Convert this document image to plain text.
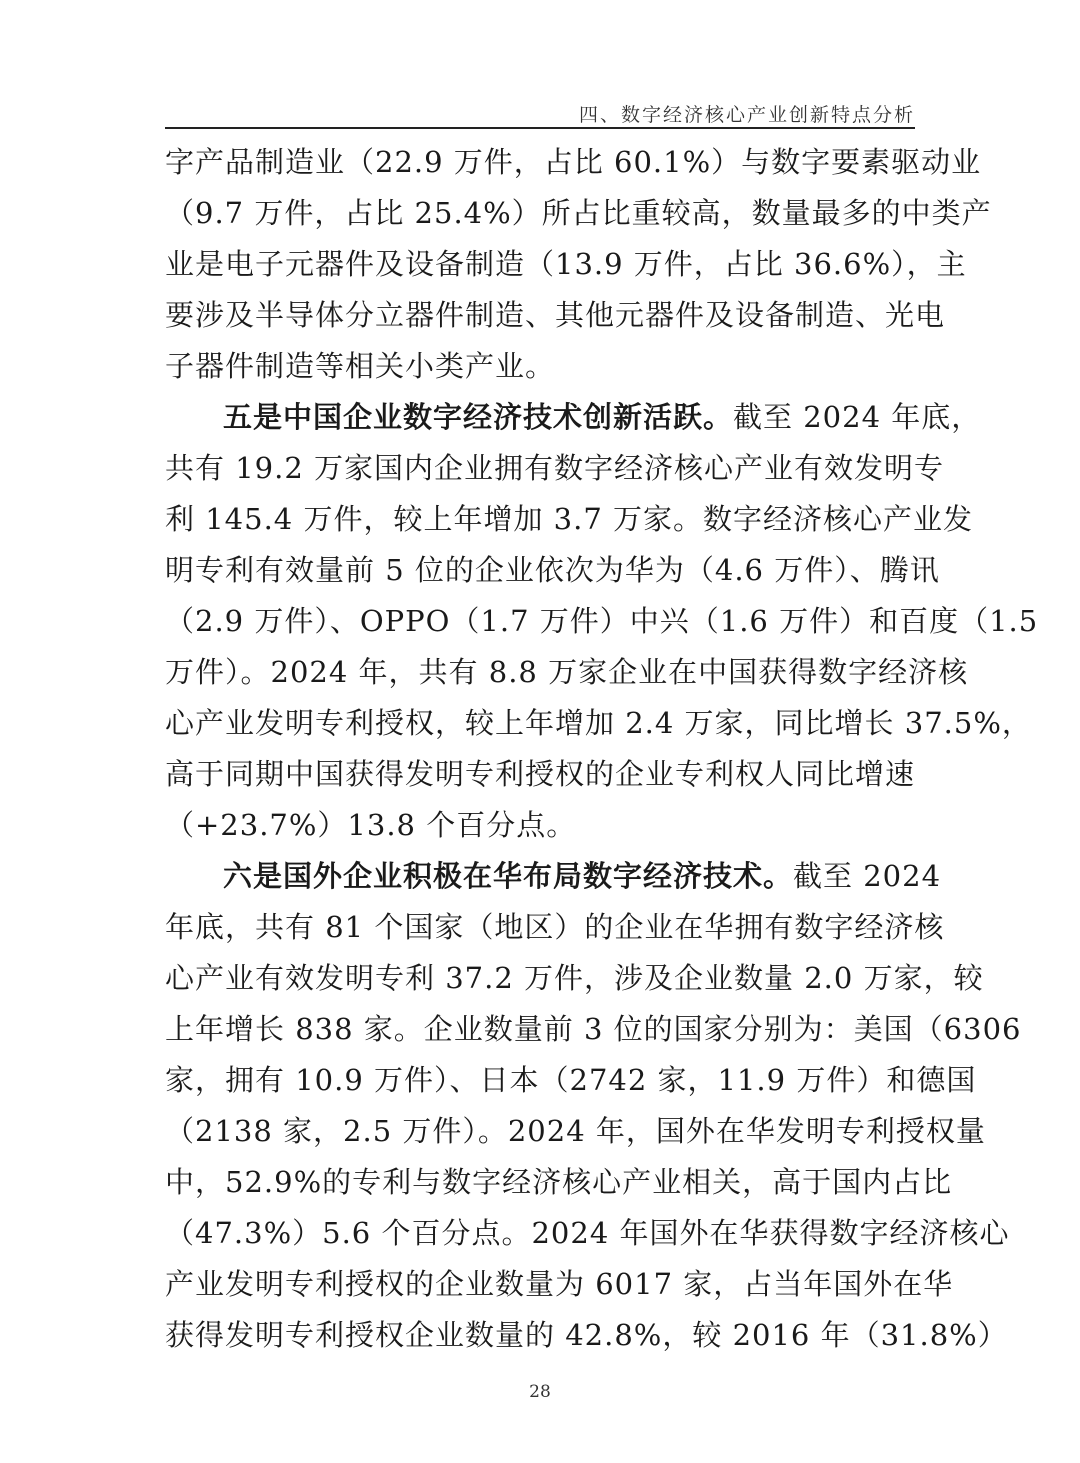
四、数字经济核心产业创新特点分析
字产品制造业（22.9 万件，占比 60.1%）与数字要素驱动业
（9.7 万件，占比 25.4%）所占比重较高，数量最多的中类产
业是电子元器件及设备制造（13.9 万件，占比 36.6%），主
要涉及半导体分立器件制造、其他元器件及设备制造、光电
子器件制造等相关小类产业。
五是中国企业数字经济技术创新活跃。截至 2024 年底，
共有 19.2 万家国内企业拥有数字经济核心产业有效发明专
利 145.4 万件，较上年增加 3.7 万家。数字经济核心产业发
明专利有效量前 5 位的企业依次为华为（4.6 万件）、腾讯
（2.9 万件）、OPPO（1.7 万件）中兴（1.6 万件）和百度（1.5
万件）。2024 年，共有 8.8 万家企业在中国获得数字经济核
心产业发明专利授权，较上年增加 2.4 万家，同比增长 37.5%，
高于同期中国获得发明专利授权的企业专利权人同比增速
（+23.7%）13.8 个百分点。
六是国外企业积极在华布局数字经济技术。截至 2024
年底，共有 81 个国家（地区）的企业在华拥有数字经济核
心产业有效发明专利 37.2 万件，涉及企业数量 2.0 万家，较
上年增长 838 家。企业数量前 3 位的国家分别为：美国（6306
家，拥有 10.9 万件）、日本（2742 家，11.9 万件）和德国
（2138 家，2.5 万件）。2024 年，国外在华发明专利授权量
中，52.9%的专利与数字经济核心产业相关，高于国内占比
（47.3%）5.6 个百分点。2024 年国外在华获得数字经济核心
产业发明专利授权的企业数量为 6017 家，占当年国外在华
获得发明专利授权企业数量的 42.8%，较 2016 年（31.8%）
28
